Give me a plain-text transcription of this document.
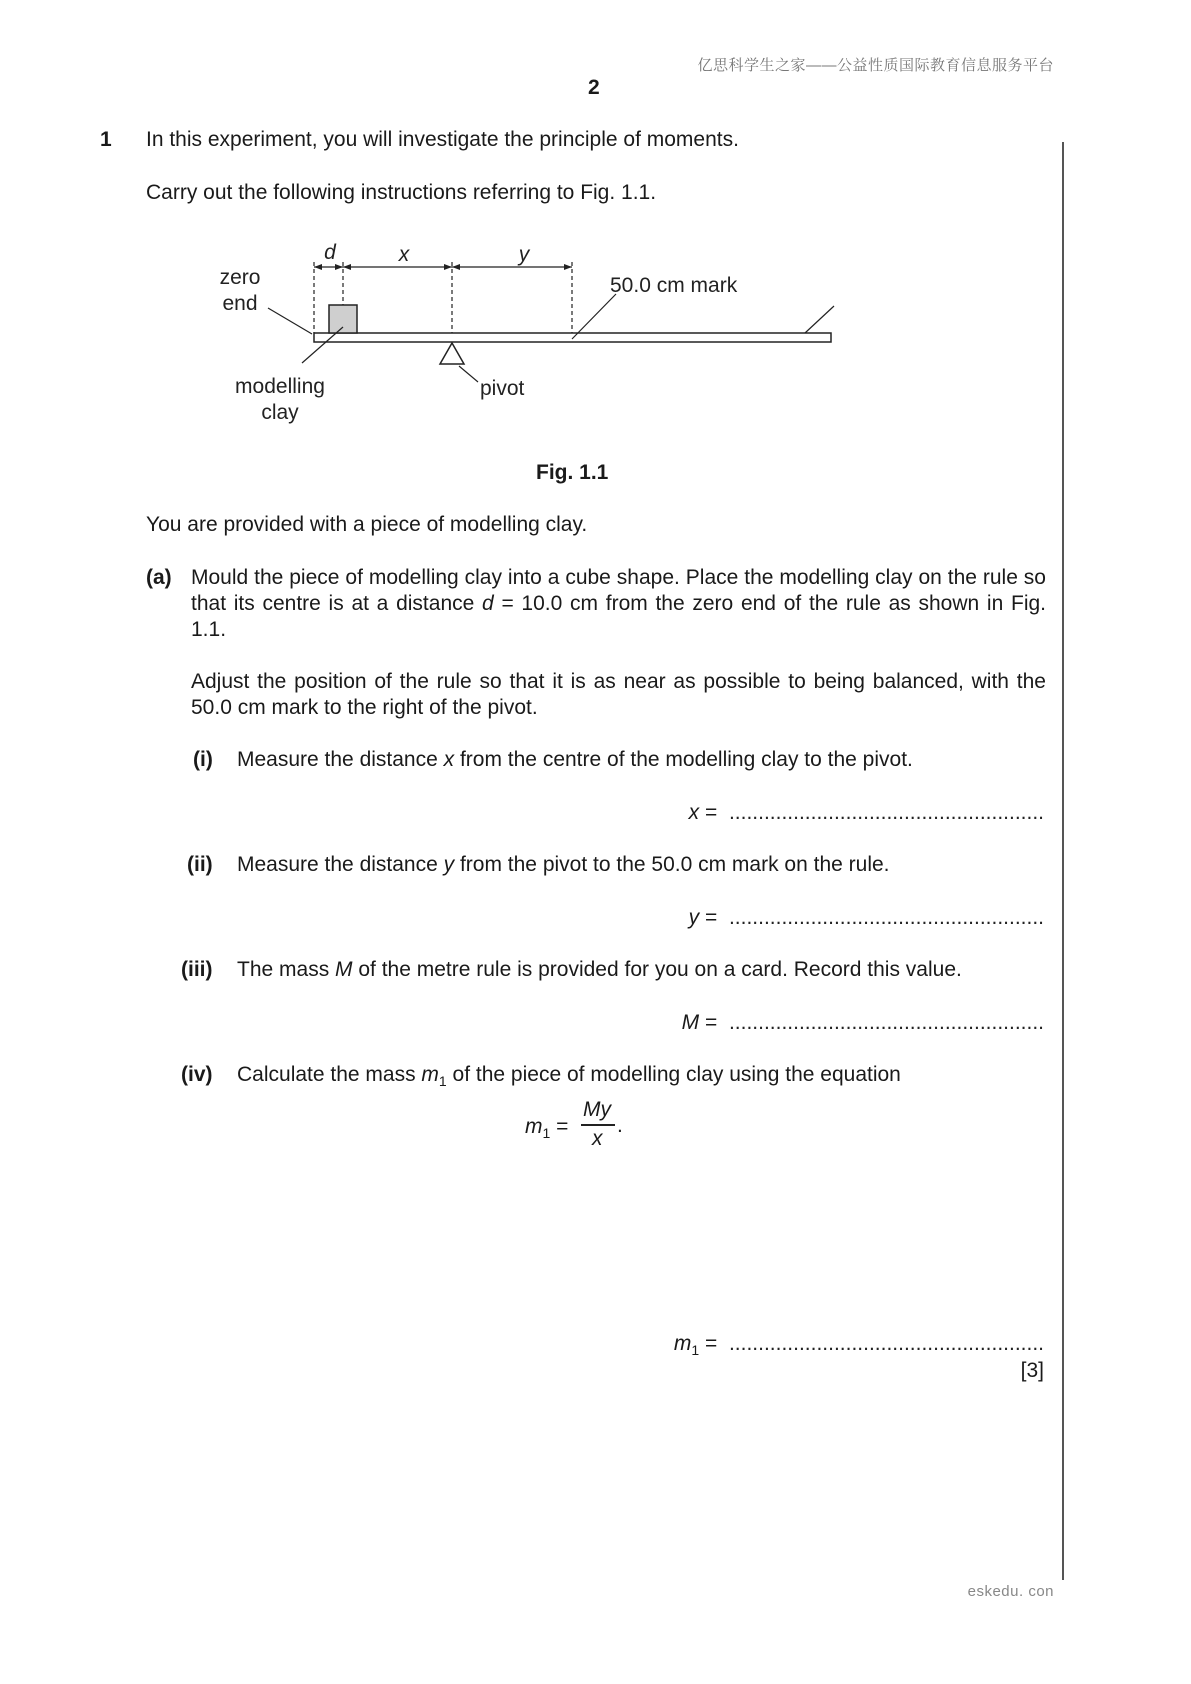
亿思科学生之家——公益性质国际教育信息服务平台
2
1 In this experiment, you will investigate the principle of moments.
Carry out the following instructions referring to Fig. 1.1.
d	x	y
zero
end
50.0 cm mark
modelling
clay
pivot
Fig. 1.1
You are provided with a piece of modelling clay.
(a) Mould the piece of modelling clay into a cube shape. Place the modelling clay on the rule so that its centre is at a distance d = 10.0 cm from the zero end of the rule as shown in Fig. 1.1.
Adjust the position of the rule so that it is as near as possible to being balanced, with the 50.0 cm mark to the right of the pivot.
(i) Measure the distance x from the centre of the modelling clay to the pivot.
x = ......................................................
(ii) Measure the distance y from the pivot to the 50.0 cm mark on the rule.
y = ......................................................
(iii) The mass M of the metre rule is provided for you on a card. Record this value.
M = ......................................................
(iv) Calculate the mass $m_1$ of the piece of modelling clay using the equation
$m_1$ =
My
x
.
$m_1$ = ......................................................
[3]
eskedu. con
